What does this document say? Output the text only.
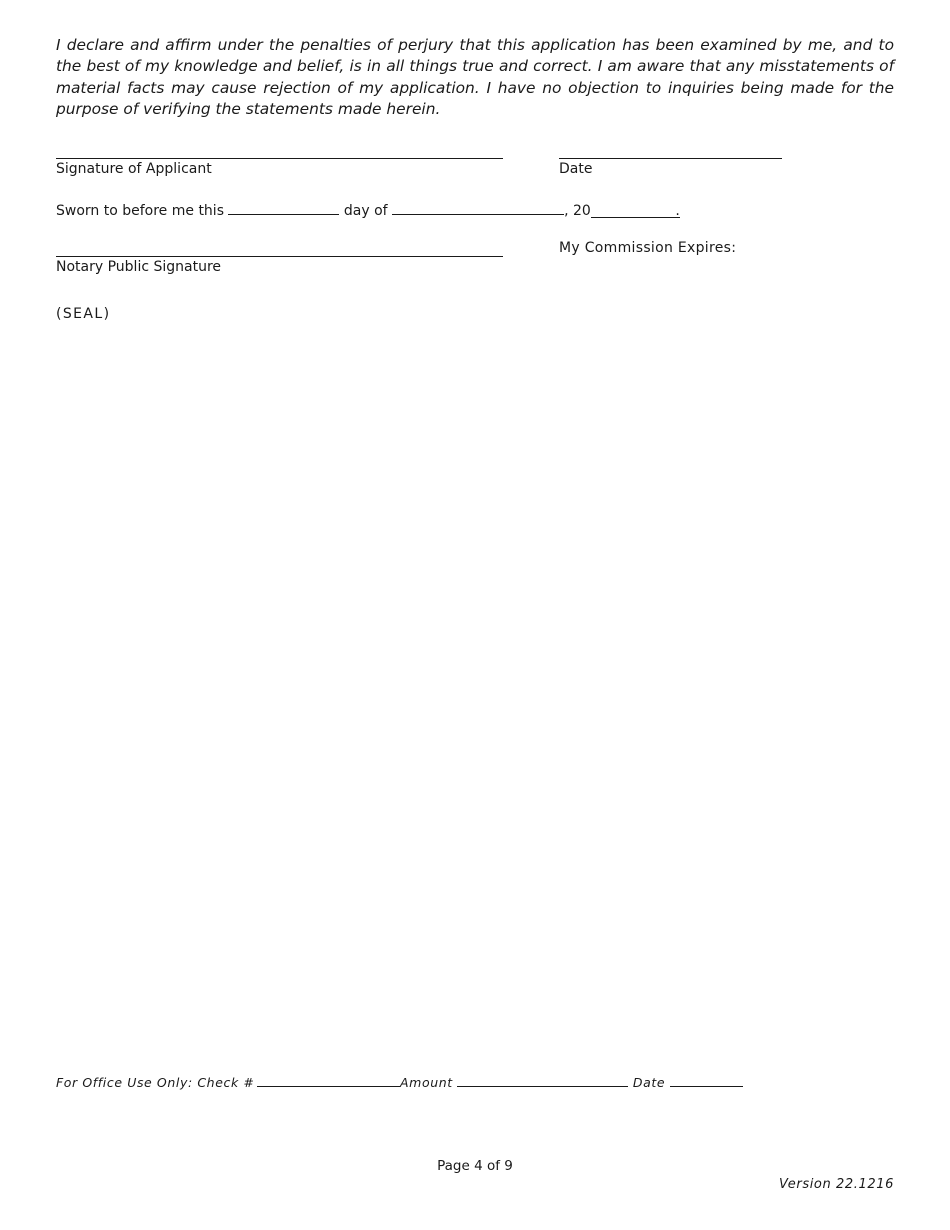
I declare and affirm under the penalties of perjury that this application has been examined by me, and to the best of my knowledge and belief, is in all things true and correct. I am aware that any misstatements of material facts may cause rejection of my application. I have no objection to inquiries being made for the purpose of verifying the statements made herein.

Signature of Applicant	Date
Sworn to before me this	day of	, 20	.
Notary Public Signature
My Commission Expires:
(SEAL)
For Office Use Only: Check #	Amount	Date
Page 4 of 9
Version 22.1216
